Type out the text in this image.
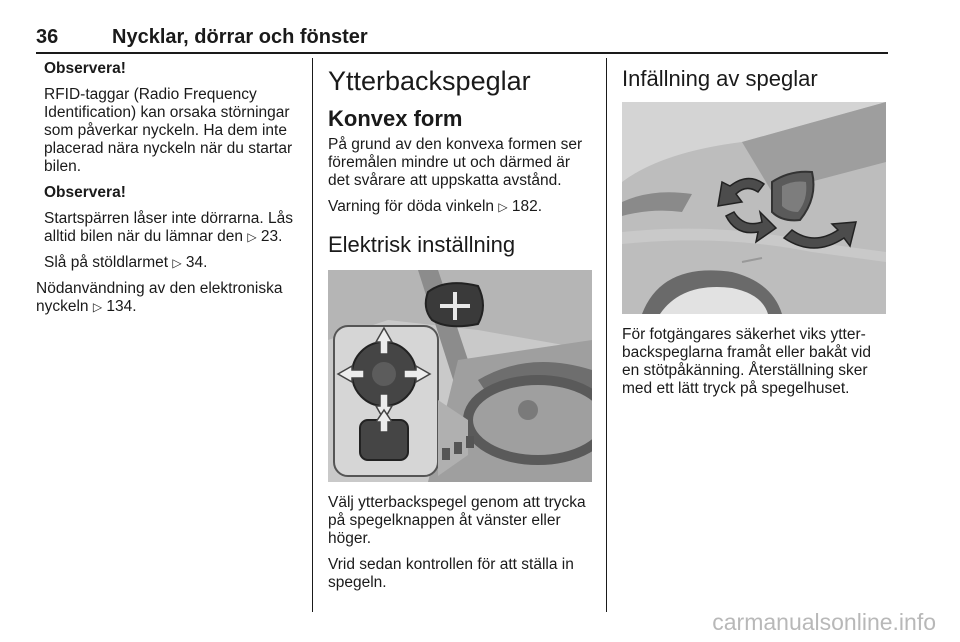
36	Nycklar, dörrar och fönster

Observera!

RFID-taggar (Radio Frequency Identification) kan orsaka störningar som påverkar nyckeln. Ha dem inte placerad nära nyckeln när du startar bilen.

Observera!

Startspärren låser inte dörrarna. Lås alltid bilen när du lämnar den ▷ 23.

Slå på stöldlarmet ▷ 34.

Nödanvändning av den elektroniska nyckeln ▷ 134.

Ytterbackspeglar
Konvex form

På grund av den konvexa formen ser föremålen mindre ut och därmed är det svårare att uppskatta avstånd.

Varning för döda vinkeln ▷ 182.

Elektrisk inställning

Välj ytterbackspegel genom att trycka på spegelknappen åt vänster eller höger.

Vrid sedan kontrollen för att ställa in spegeln.

Infällning av speglar

För fotgängares säkerhet viks ytter-backspeglarna framåt eller bakåt vid en stötpåkänning. Återställning sker med ett lätt tryck på spegelhuset.

carmanualsonline.info
